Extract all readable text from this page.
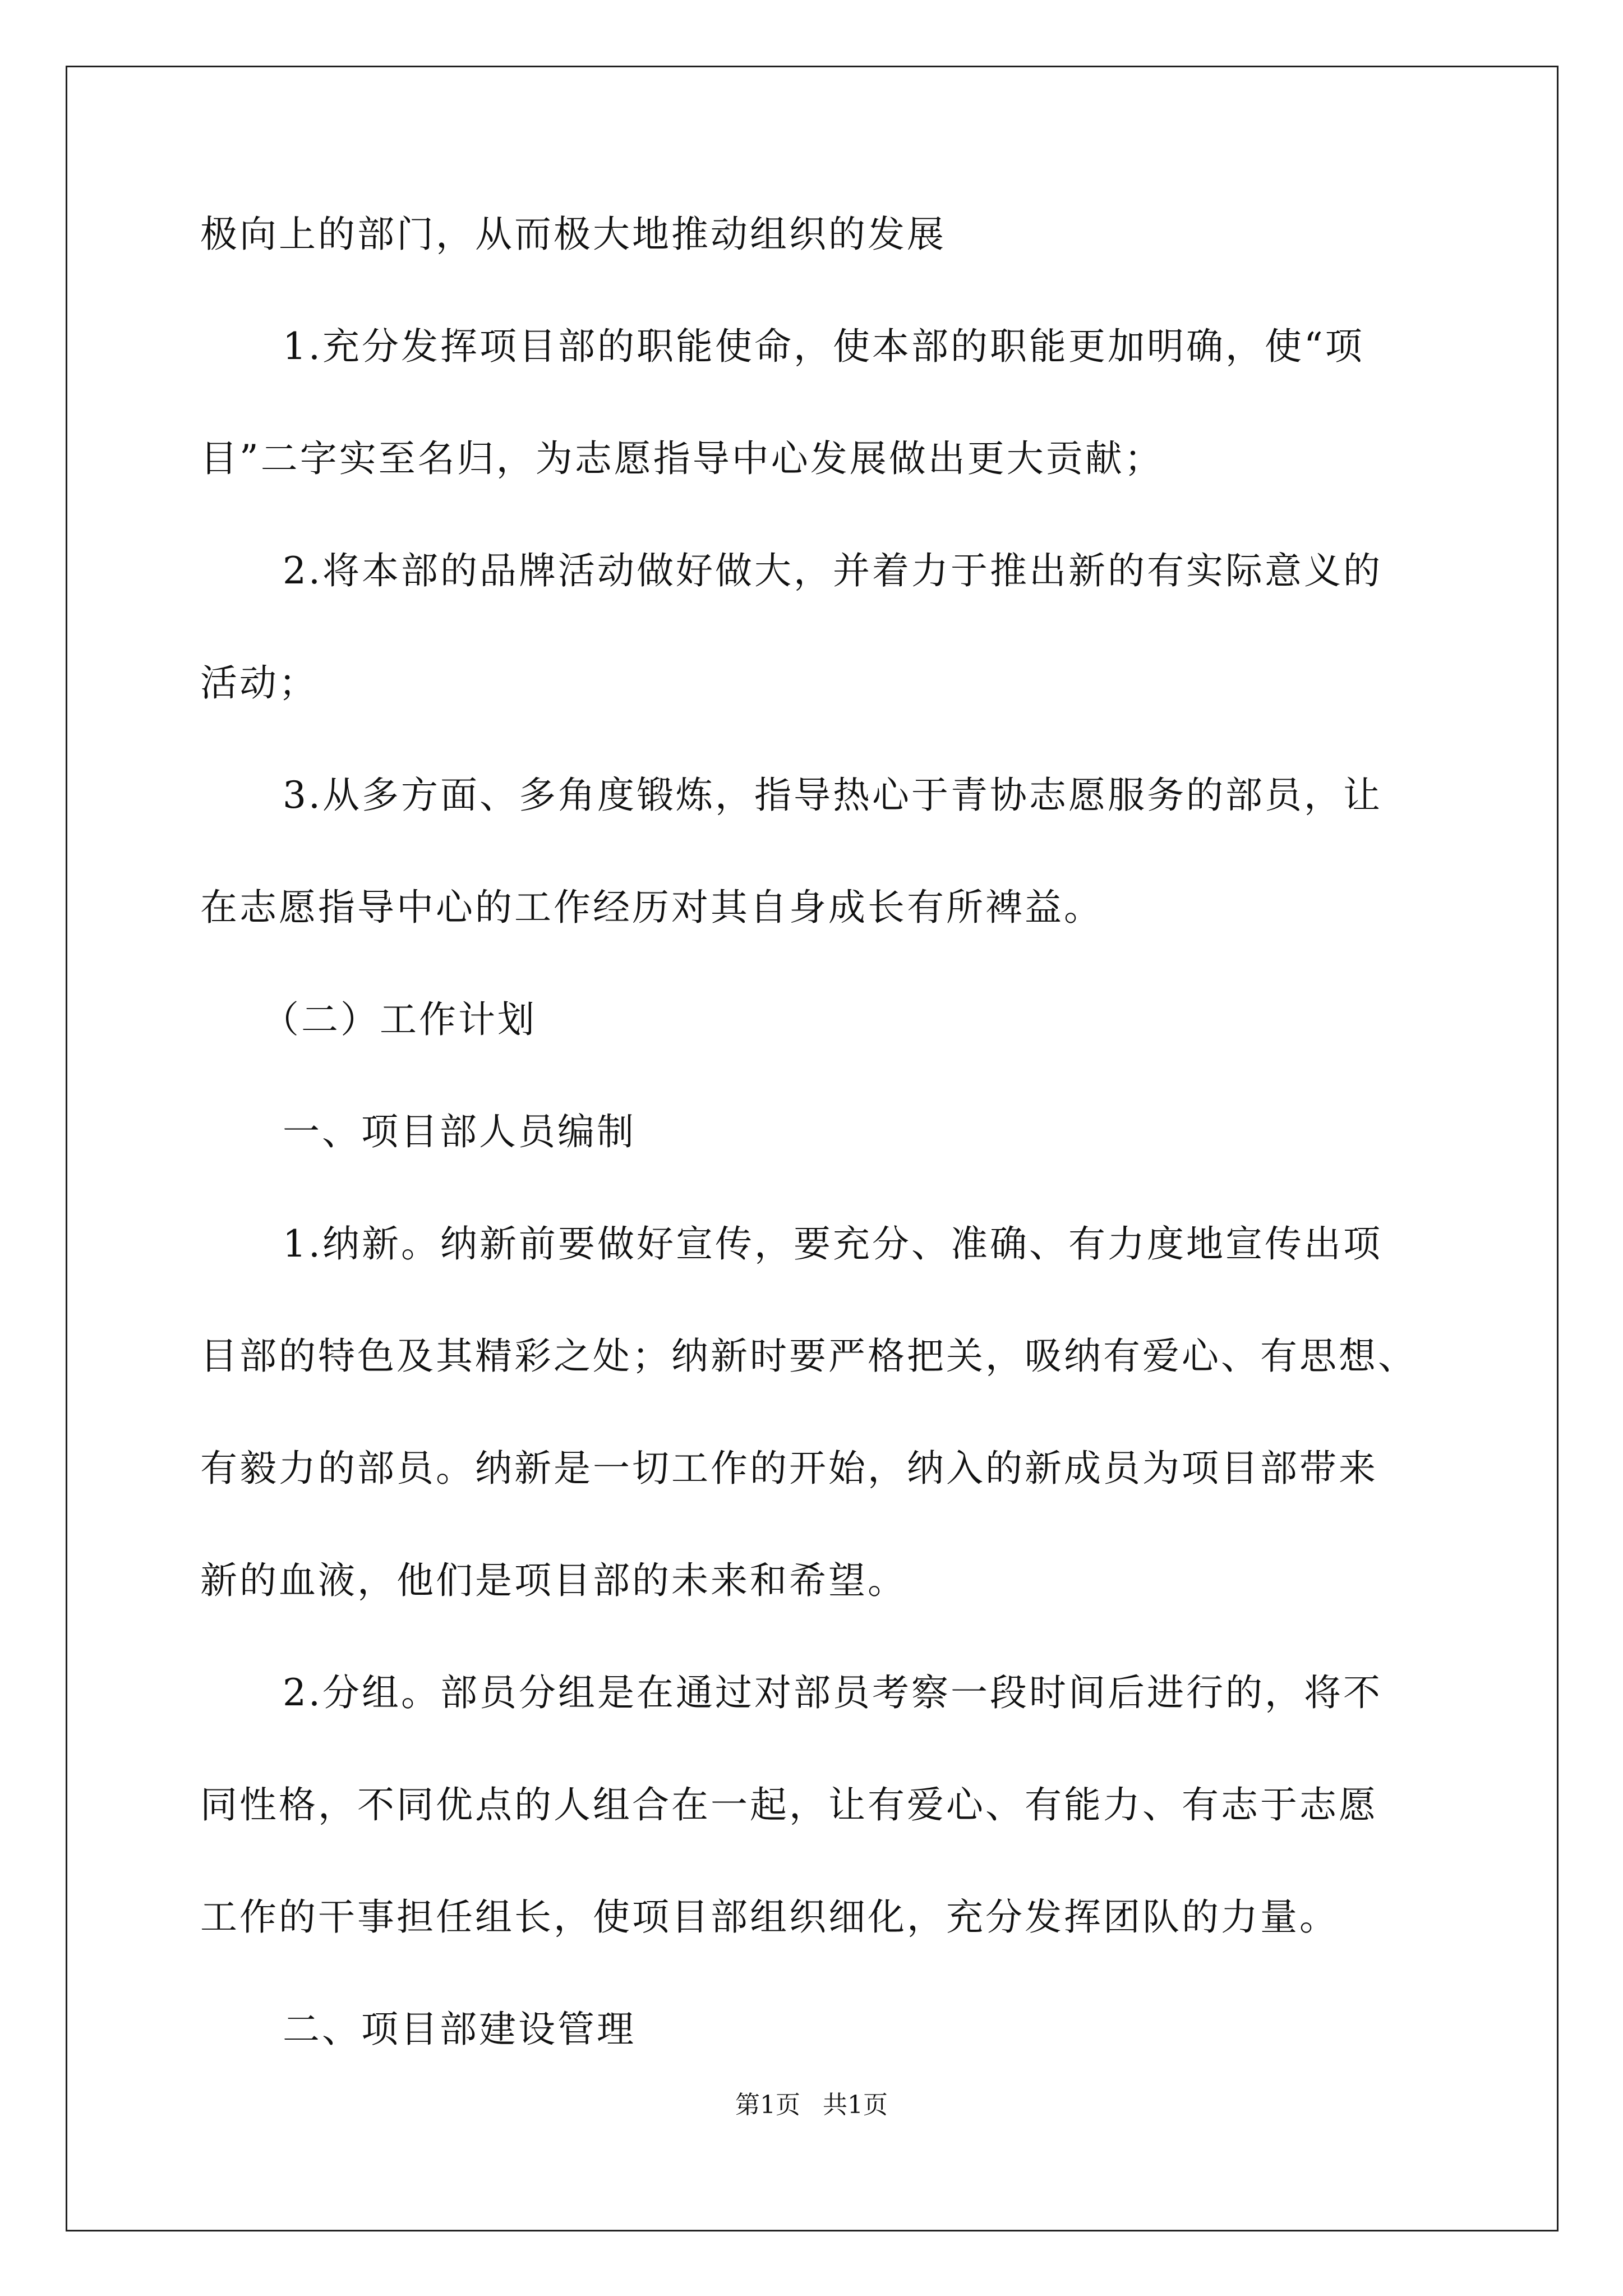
极向上的部门，从而极大地推动组织的发展
1.充分发挥项目部的职能使命，使本部的职能更加明确，使“项
目”二字实至名归，为志愿指导中心发展做出更大贡献；
2.将本部的品牌活动做好做大，并着力于推出新的有实际意义的
活动；
3.从多方面、多角度锻炼，指导热心于青协志愿服务的部员，让
在志愿指导中心的工作经历对其自身成长有所裨益。
（二）工作计划
一、项目部人员编制
1.纳新。纳新前要做好宣传，要充分、准确、有力度地宣传出项
目部的特色及其精彩之处；纳新时要严格把关，吸纳有爱心、有思想、
有毅力的部员。纳新是一切工作的开始，纳入的新成员为项目部带来
新的血液，他们是项目部的未来和希望。
2.分组。部员分组是在通过对部员考察一段时间后进行的，将不
同性格，不同优点的人组合在一起，让有爱心、有能力、有志于志愿
工作的干事担任组长，使项目部组织细化，充分发挥团队的力量。
二、项目部建设管理
第1页 共1页
